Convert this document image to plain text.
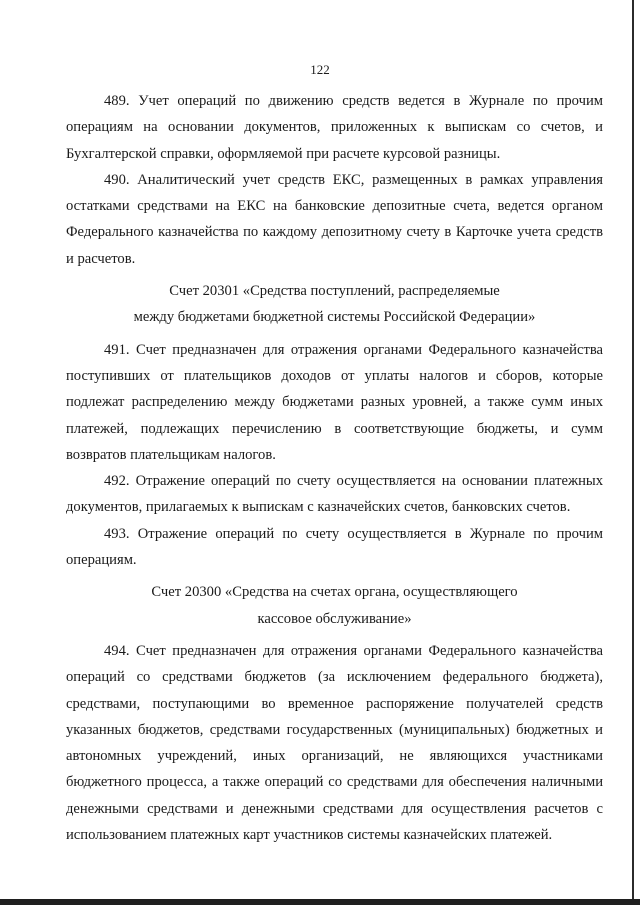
122

489. Учет операций по движению средств ведется в Журнале по прочим операциям на основании документов, приложенных к выпискам со счетов, и Бухгалтерской справки, оформляемой при расчете курсовой разницы.

490. Аналитический учет средств ЕКС, размещенных в рамках управления остатками средствами на ЕКС на банковские депозитные счета, ведется органом Федерального казначейства по каждому депозитному счету в Карточке учета средств и расчетов.

Счет 20301 «Средства поступлений, распределяемые
между бюджетами бюджетной системы Российской Федерации»

491. Счет предназначен для отражения органами Федерального казначейства поступивших от плательщиков доходов от уплаты налогов и сборов, которые подлежат распределению между бюджетами разных уровней, а также сумм иных платежей, подлежащих перечислению в соответствующие бюджеты, и сумм возвратов плательщикам налогов.

492. Отражение операций по счету осуществляется на основании платежных документов, прилагаемых к выпискам с казначейских счетов, банковских счетов.

493. Отражение операций по счету осуществляется в Журнале по прочим операциям.

Счет 20300 «Средства на счетах органа, осуществляющего
кассовое обслуживание»

494. Счет предназначен для отражения органами Федерального казначейства операций со средствами бюджетов (за исключением федерального бюджета), средствами, поступающими во временное распоряжение получателей средств указанных бюджетов, средствами государственных (муниципальных) бюджетных и автономных учреждений, иных организаций, не являющихся участниками бюджетного процесса, а также операций со средствами для обеспечения наличными денежными средствами и денежными средствами для осуществления расчетов с использованием платежных карт участников системы казначейских платежей.
